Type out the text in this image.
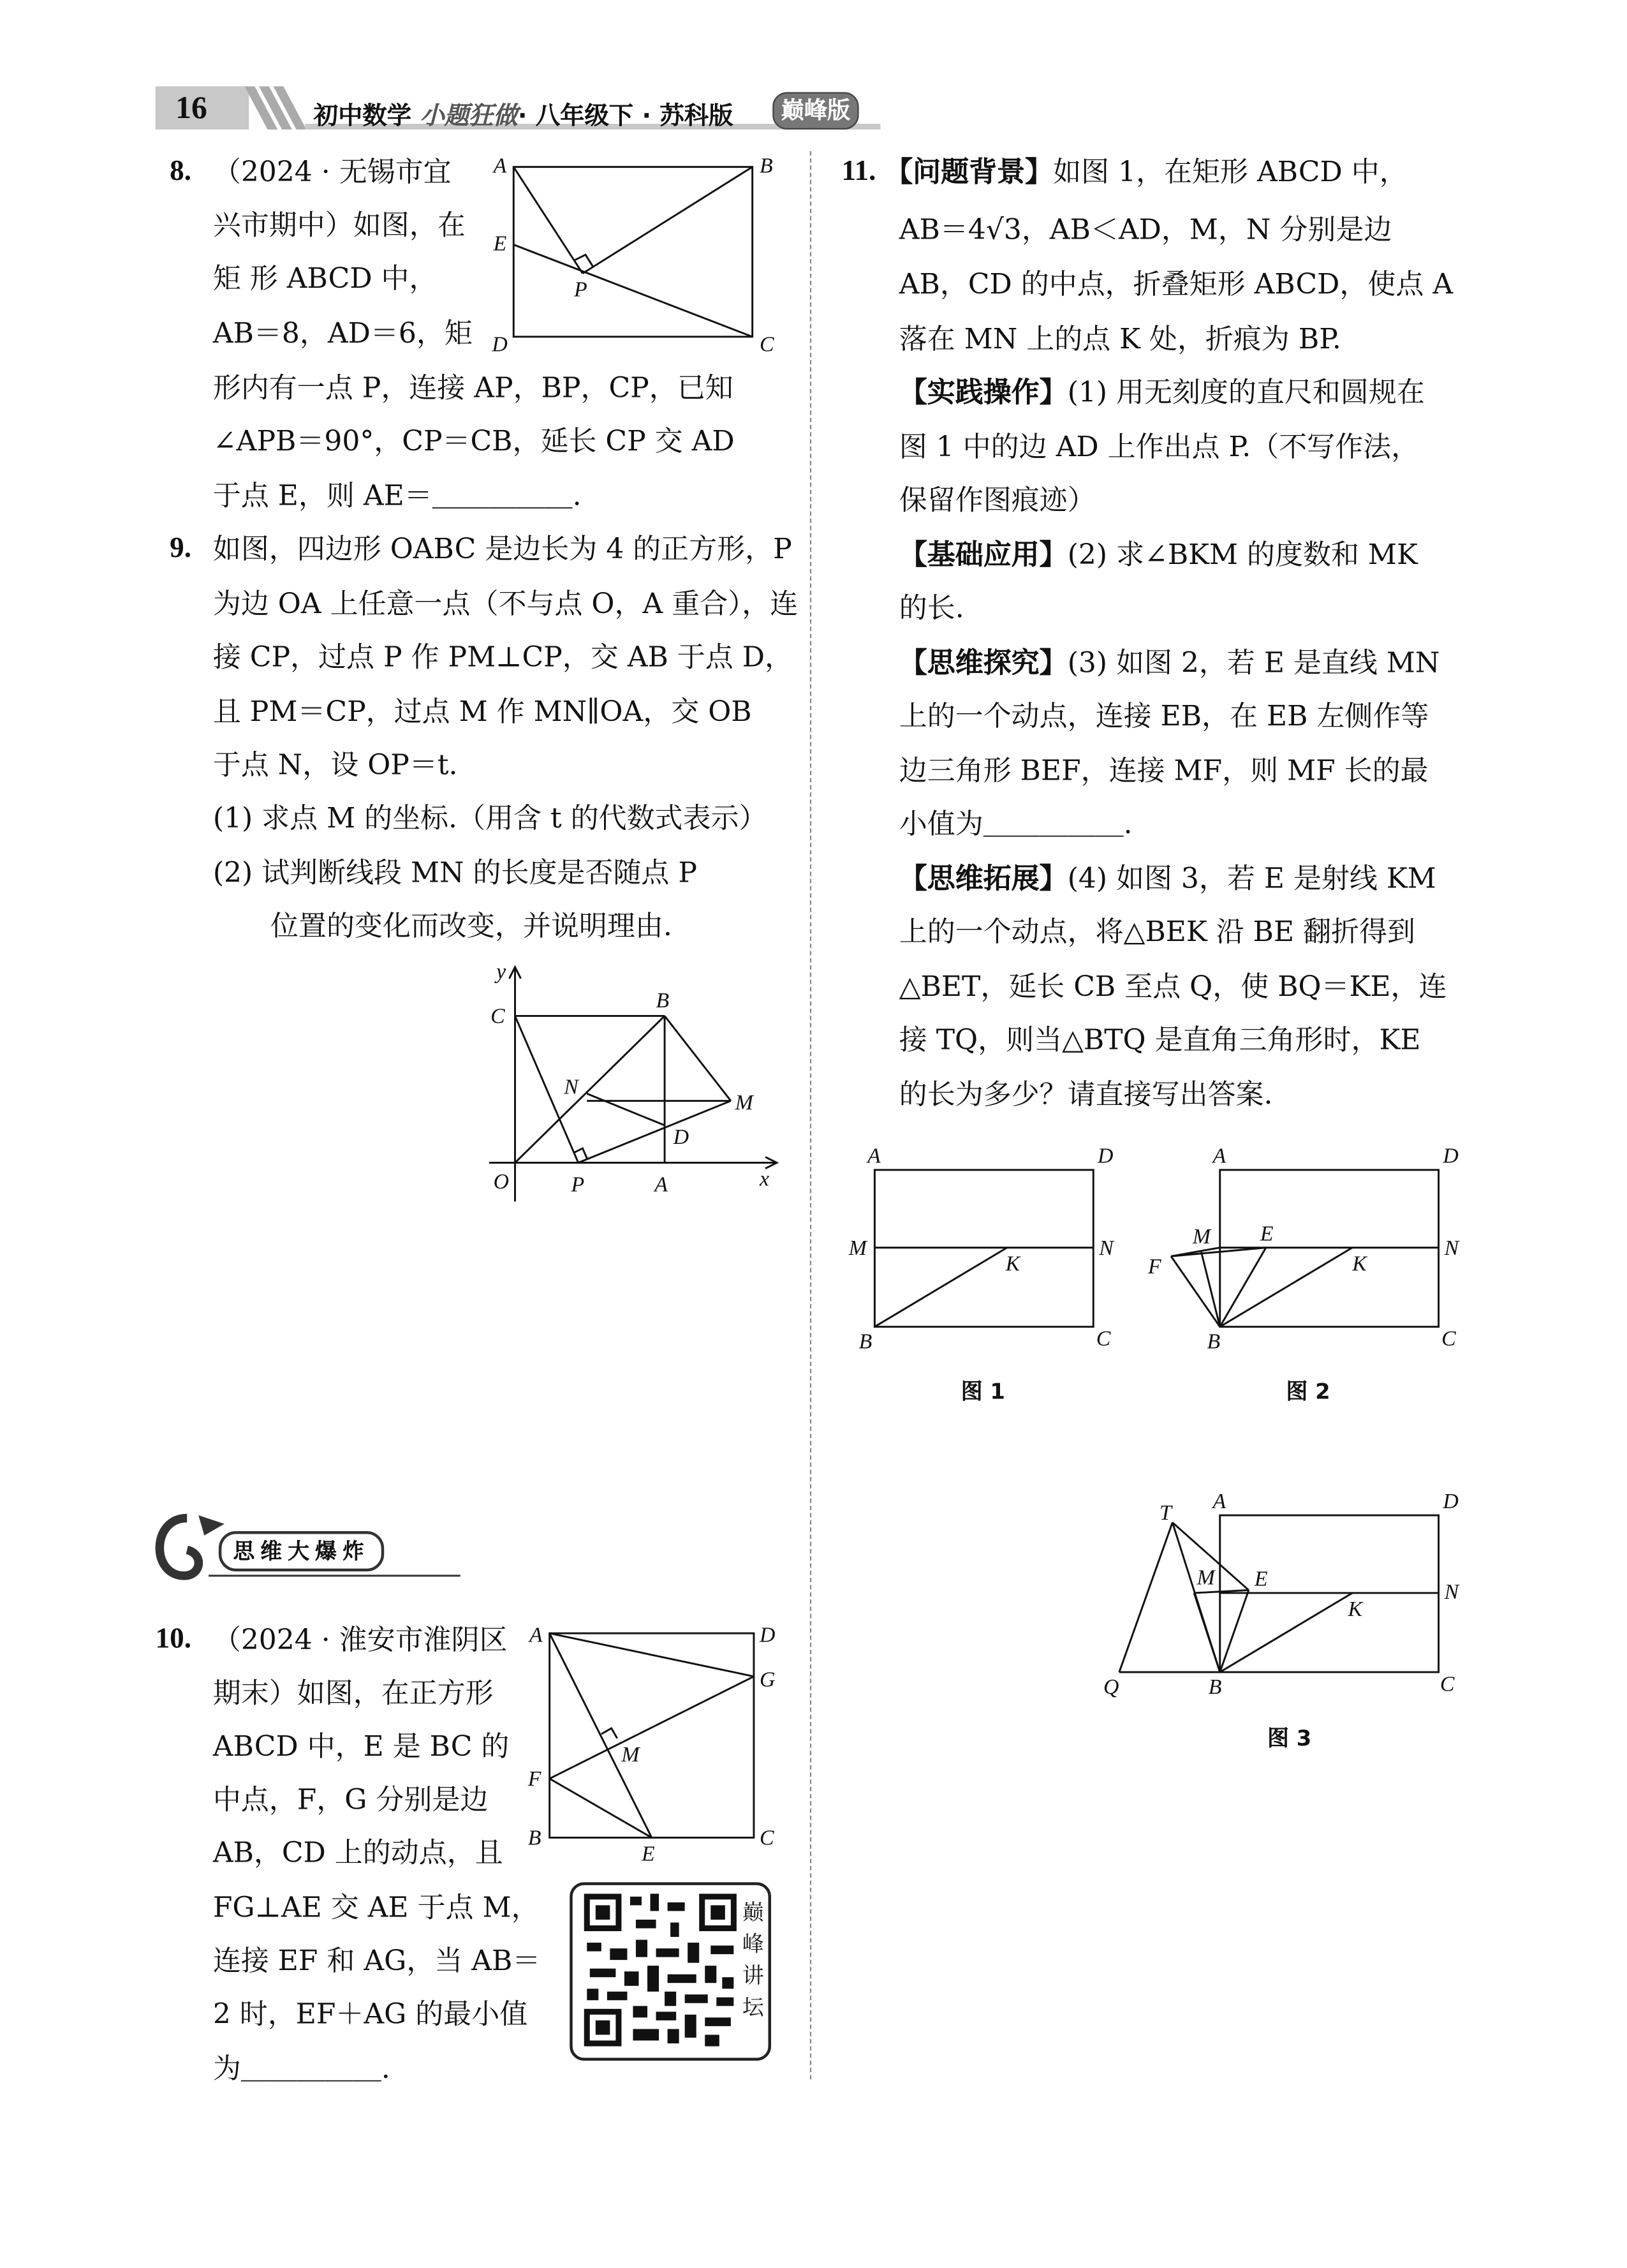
16	初中数学 小题狂做· 八年级下 · 苏科版	巅峰版
8. （2024 · 无锡市宜
兴市期中）如图，在
矩 形 ABCD 中，
AB＝8，AD＝6，矩
形内有一点 P，连接 AP，BP，CP，已知
∠APB＝90°，CP＝CB，延长 CP 交 AD
于点 E，则 AE＝＿＿＿＿＿.
A	B
C
D
E
P
9. 如图，四边形 OABC 是边长为 4 的正方形，P
为边 OA 上任意一点（不与点 O，A 重合），连
接 CP，过点 P 作 PM⊥CP，交 AB 于点 D，
且 PM＝CP，过点 M 作 MN∥OA，交 OB
于点 N，设 OP＝t.
(1) 求点 M 的坐标.（用含 t 的代数式表示）
(2) 试判断线段 MN 的长度是否随点 P
位置的变化而改变，并说明理由.
y
x
O	P	A
C
B
N
M
D
思维大爆炸
10. （2024 · 淮安市淮阴区
期末）如图，在正方形
ABCD 中，E 是 BC 的
中点，F，G 分别是边
AB，CD 上的动点，且
FG⊥AE 交 AE 于点 M，
连接 EF 和 AG，当 AB＝
2 时，EF＋AG 的最小值
为＿＿＿＿＿.
A	D
G
F
M
B
E
C
巅峰讲坛
11. 【问题背景】如图 1，在矩形 ABCD 中，
AB＝4√3，AB＜AD，M，N 分别是边
AB，CD 的中点，折叠矩形 ABCD，使点 A
落在 MN 上的点 K 处，折痕为 BP.
【实践操作】(1) 用无刻度的直尺和圆规在
图 1 中的边 AD 上作出点 P.（不写作法，
保留作图痕迹）
【基础应用】(2) 求∠BKM 的度数和 MK
的长.
【思维探究】(3) 如图 2，若 E 是直线 MN
上的一个动点，连接 EB，在 EB 左侧作等
边三角形 BEF，连接 MF，则 MF 长的最
小值为＿＿＿＿＿.
【思维拓展】(4) 如图 3，若 E 是射线 KM
上的一个动点，将△BEK 沿 BE 翻折得到
△BET，延长 CB 至点 Q，使 BQ＝KE，连
接 TQ，则当△BTQ 是直角三角形时，KE
的长为多少？请直接写出答案.
A	D
M	N
K
B	C
A	D
M	E
F
N
K
B	C
A	D
T
M	E
N
K
Q	B	C
图 1	图 2
图 3
